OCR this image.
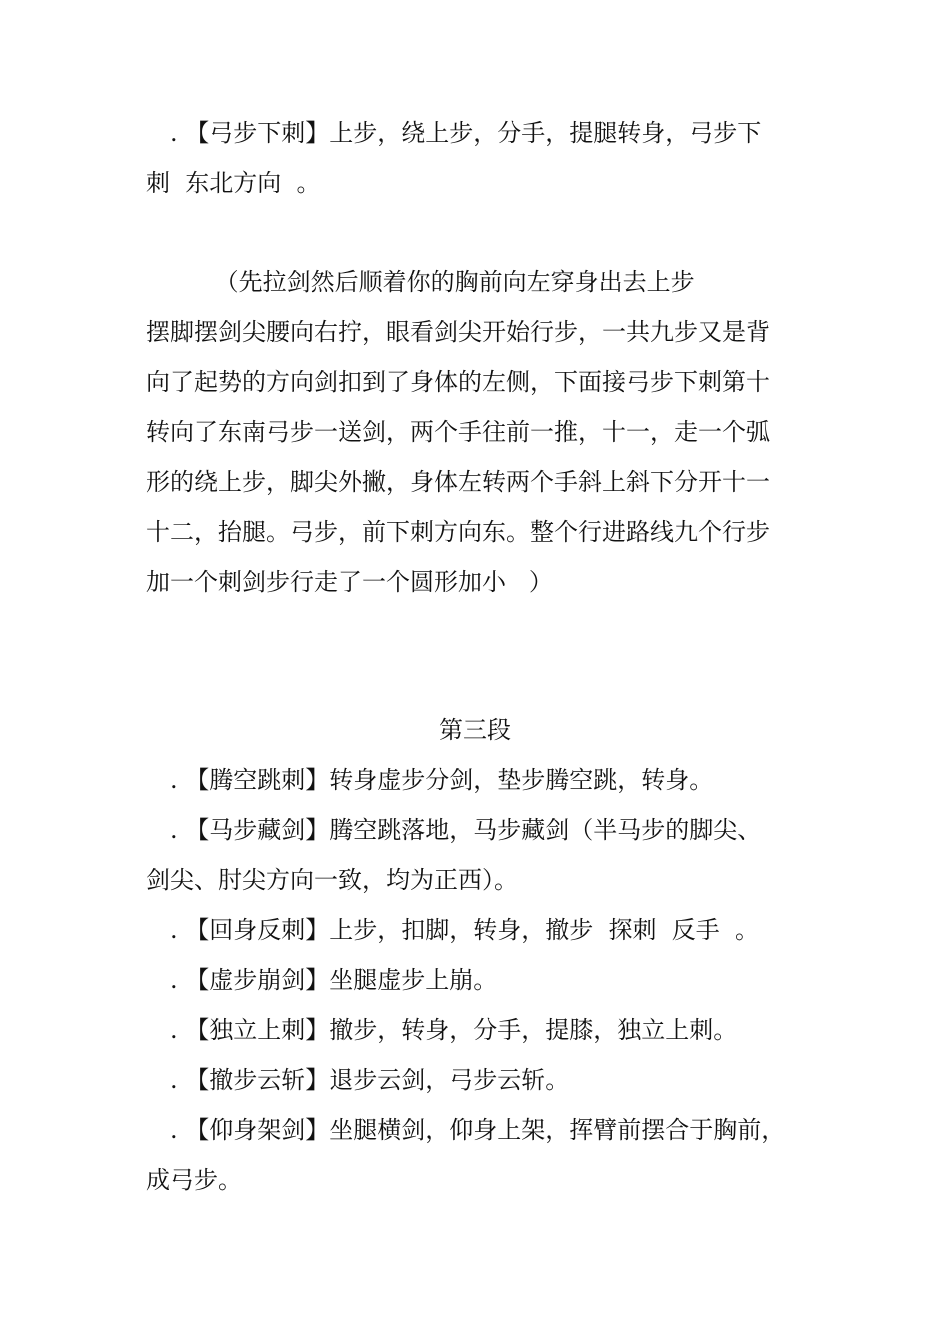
. 【弓步下刺】上步，绕上步，分手，提腿转身，弓步下
刺  东北方向  。
（先拉剑然后顺着你的胸前向左穿身出去上步
摆脚摆剑尖腰向右拧，眼看剑尖开始行步，一共九步又是背
向了起势的方向剑扣到了身体的左侧，下面接弓步下刺第十
转向了东南弓步一送剑，两个手往前一推，十一，走一个弧
形的绕上步，脚尖外撇，身体左转两个手斜上斜下分开十一
十二，抬腿。弓步，前下刺方向东。整个行进路线九个行步
加一个刺剑步行走了一个圆形加小   ）
第三段
. 【腾空跳刺】转身虚步分剑，垫步腾空跳，转身。
. 【马步藏剑】腾空跳落地，马步藏剑（半马步的脚尖、
剑尖、肘尖方向一致，均为正西）。
. 【回身反刺】上步，扣脚，转身，撤步  探刺  反手  。
. 【虚步崩剑】坐腿虚步上崩。
. 【独立上刺】撤步，转身，分手，提膝，独立上刺。
. 【撤步云斩】退步云剑，弓步云斩。
. 【仰身架剑】坐腿横剑，仰身上架，挥臂前摆合于胸前，
成弓步。
